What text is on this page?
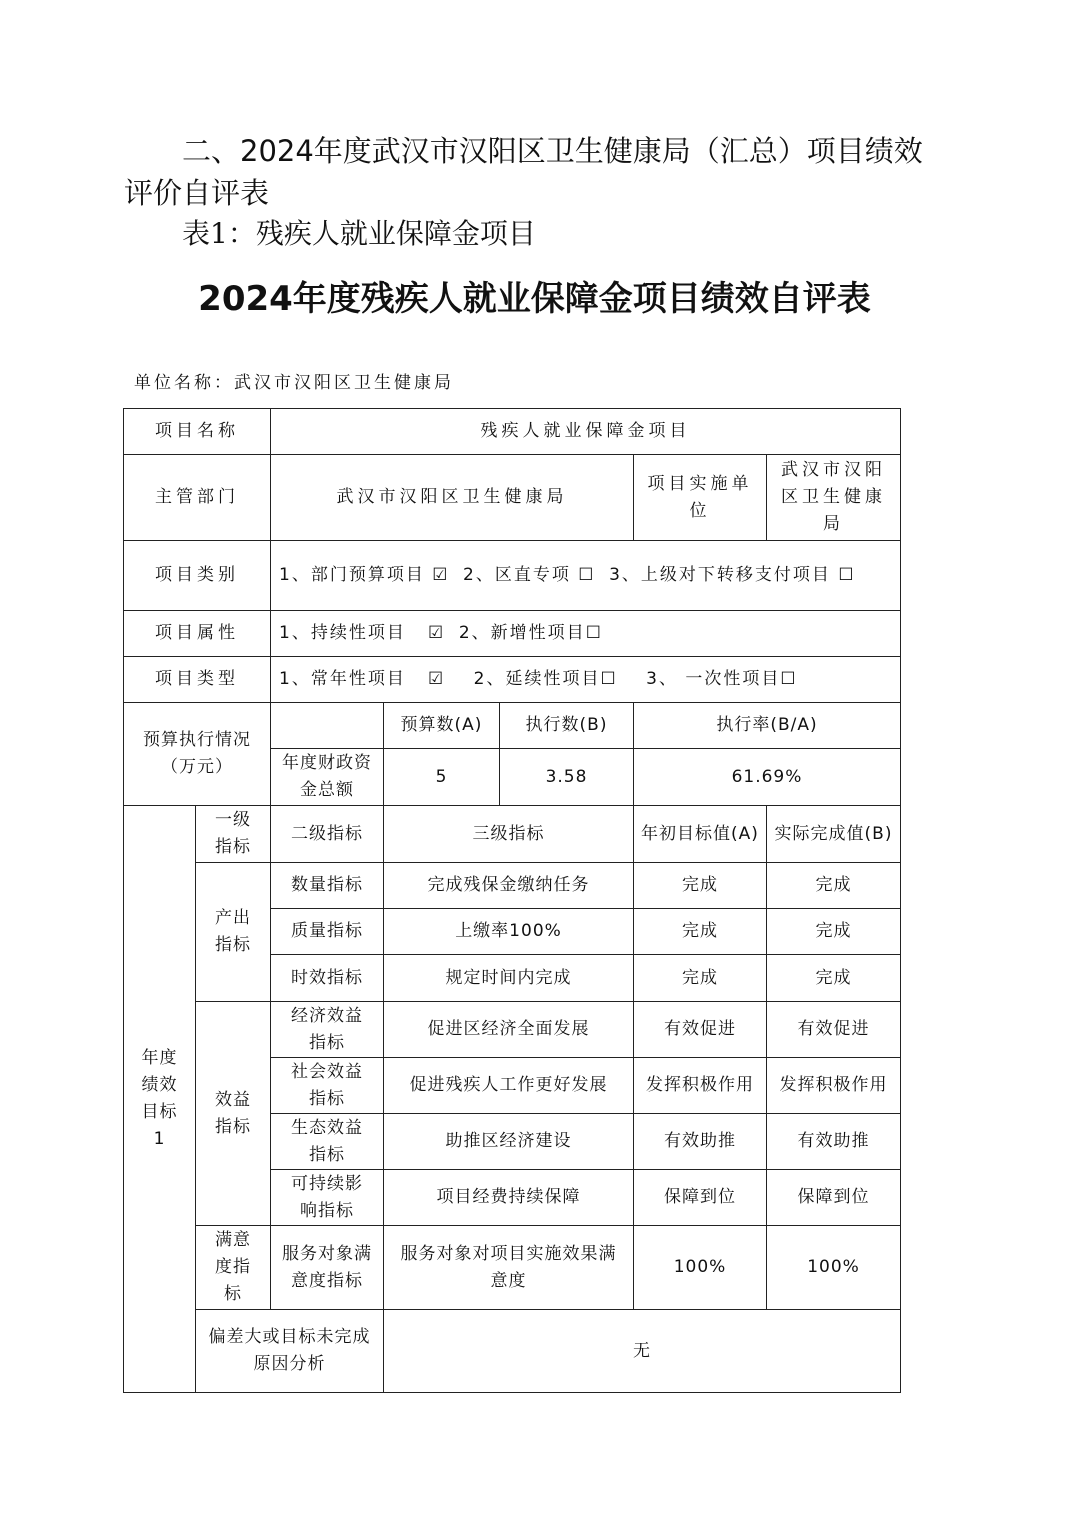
二、2024年度武汉市汉阳区卫生健康局（汇总）项目绩效
评价自评表
表1：残疾人就业保障金项目
2024年度残疾人就业保障金项目绩效自评表
单位名称：武汉市汉阳区卫生健康局
项目名称		残疾人就业保障金项目				
主管部门		武汉市汉阳区卫生健康局			项目实施单位	武汉市汉阳区卫生健康局
项目类别		1、部门预算项目 ☑ 2、区直专项 ☐ 3、上级对下转移支付项目 ☐				
项目属性		1、持续性项目 ☑ 2、新增性项目☐				
项目类型		1、常年性项目 ☑ 2、延续性项目☐ 3、 一次性项目☐				
预算执行情况（万元）			预算数(A)	执行数(B)	执行率(B/A)	
		年度财政资金总额	5	3.58	61.69%	
年度绩效目标1	一级指标	二级指标	三级指标		年初目标值(A)	实际完成值(B)
	产出指标	数量指标	完成残保金缴纳任务		完成	完成
		质量指标	上缴率100%		完成	完成
		时效指标	规定时间内完成		完成	完成
	效益指标	经济效益指标	促进区经济全面发展		有效促进	有效促进
		社会效益指标	促进残疾人工作更好发展		发挥积极作用	发挥积极作用
		生态效益指标	助推区经济建设		有效助推	有效助推
		可持续影响指标	项目经费持续保障		保障到位	保障到位
	满意度指标	服务对象满意度指标	服务对象对项目实施效果满意度		100%	100%
	偏差大或目标未完成原因分析		无			
